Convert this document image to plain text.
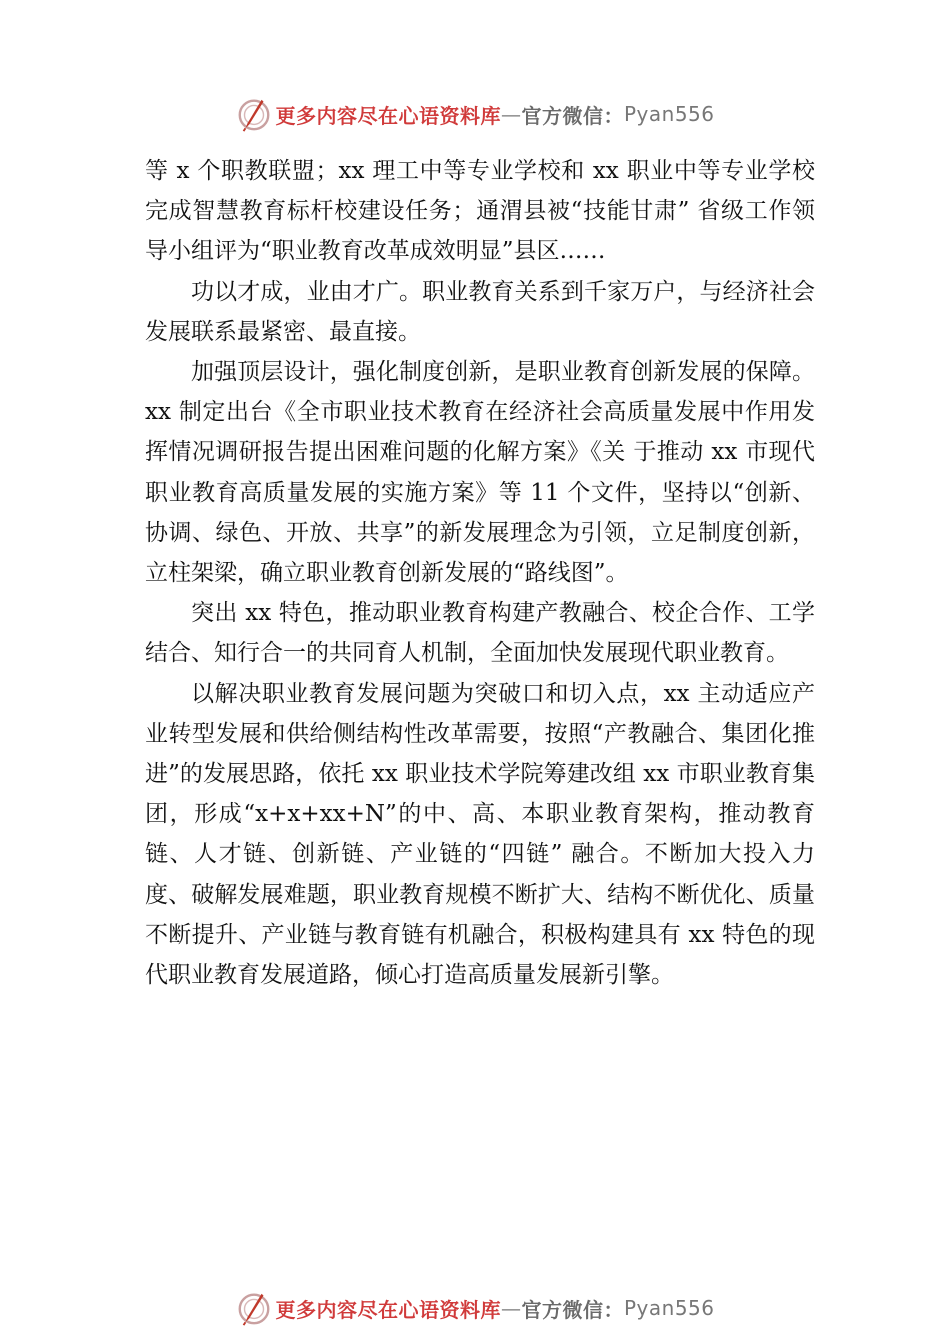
更多内容尽在心语资料库 — 官方微信： Pyan556

等 x 个职教联盟；xx 理工中等专业学校和 xx 职业中等专业学校完成智慧教育标杆校建设任务；通渭县被“技能甘肃” 省级工作领导小组评为“职业教育改革成效明显”县区……

功以才成，业由才广。职业教育关系到千家万户，与经济社会发展联系最紧密、最直接。

加强顶层设计，强化制度创新，是职业教育创新发展的保障。xx 制定出台《全市职业技术教育在经济社会高质量发展中作用发挥情况调研报告提出困难问题的化解方案》《关 于推动 xx 市现代职业教育高质量发展的实施方案》等 11 个文件，坚持以“创新、协调、绿色、开放、共享”的新发展理念为引领，立足制度创新，立柱架梁，确立职业教育创新发展的“路线图”。

突出 xx 特色，推动职业教育构建产教融合、校企合作、工学结合、知行合一的共同育人机制，全面加快发展现代职业教育。

以解决职业教育发展问题为突破口和切入点，xx 主动适应产业转型发展和供给侧结构性改革需要，按照“产教融合、集团化推进”的发展思路，依托 xx 职业技术学院筹建改组 xx 市职业教育集团，形成“x+x+xx+N”的中、高、本职业教育架构，推动教育链、人才链、创新链、产业链的“四链” 融合。不断加大投入力度、破解发展难题，职业教育规模不断扩大、结构不断优化、质量不断提升、产业链与教育链有机融合，积极构建具有 xx 特色的现代职业教育发展道路，倾心打造高质量发展新引擎。

更多内容尽在心语资料库 — 官方微信： Pyan556
